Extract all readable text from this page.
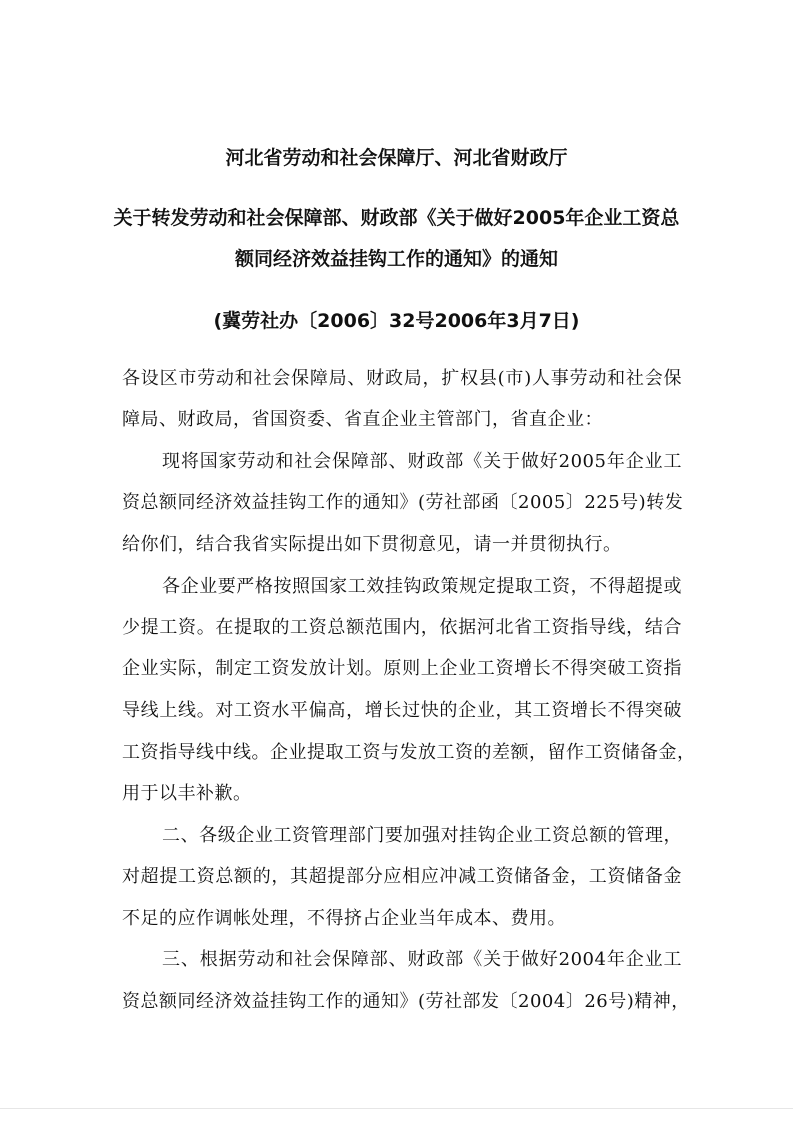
河北省劳动和社会保障厅、河北省财政厅
关于转发劳动和社会保障部、财政部《关于做好2005年企业工资总
额同经济效益挂钩工作的通知》的通知
(冀劳社办〔2006〕32号2006年3月7日)
各设区市劳动和社会保障局、财政局，扩权县(市)人事劳动和社会保
障局、财政局，省国资委、省直企业主管部门，省直企业：
现将国家劳动和社会保障部、财政部《关于做好2005年企业工
资总额同经济效益挂钩工作的通知》(劳社部函〔2005〕225号)转发
给你们，结合我省实际提出如下贯彻意见，请一并贯彻执行。
各企业要严格按照国家工效挂钩政策规定提取工资，不得超提或
少提工资。在提取的工资总额范围内，依据河北省工资指导线，结合
企业实际，制定工资发放计划。原则上企业工资增长不得突破工资指
导线上线。对工资水平偏高，增长过快的企业，其工资增长不得突破
工资指导线中线。企业提取工资与发放工资的差额，留作工资储备金，
用于以丰补歉。
二、各级企业工资管理部门要加强对挂钩企业工资总额的管理，
对超提工资总额的，其超提部分应相应冲减工资储备金，工资储备金
不足的应作调帐处理，不得挤占企业当年成本、费用。
三、根据劳动和社会保障部、财政部《关于做好2004年企业工
资总额同经济效益挂钩工作的通知》(劳社部发〔2004〕26号)精神，
